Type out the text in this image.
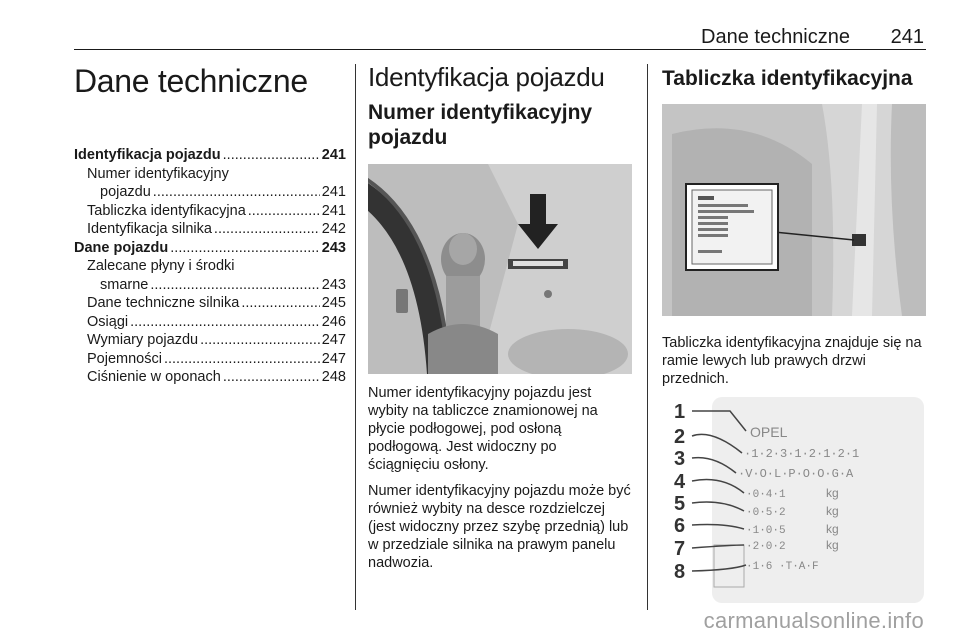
Dane techniczne 241
Dane techniczne
Identyfikacja pojazdu .....	241
Numer identyfikacyjny
pojazdu .....	241
Tabliczka identyfikacyjna .....	241
Identyfikacja silnika .....	242
Dane pojazdu .....	243
Zalecane płyny i środki
smarne .....	243
Dane techniczne silnika .....	245
Osiągi .....	246
Wymiary pojazdu .....	247
Pojemności .....	247
Ciśnienie w oponach .....	248
Identyfikacja pojazdu
Numer identyfikacyjny
pojazdu
Numer identyfikacyjny pojazdu jest wybity na tabliczce znamionowej na płycie podłogowej, pod osłoną podłogową. Jest widoczny po ściągnięciu osłony.
Numer identyfikacyjny pojazdu może być również wybity na desce rozdzielczej (jest widoczny przez szybę przednią) lub w przedziale silnika na prawym panelu nadwozia.
Tabliczka identyfikacyjna
Tabliczka identyfikacyjna znajduje się na ramie lewych lub prawych drzwi przednich.
OPEL
·1·2·3·1·2·1·2·1
·V·O·L·P·O·O·G·A
·0·4·1
·0·5·2
·1·0·5
·2·0·2
kg
kg
kg
kg
·1·6 ·T·A·F
1
2
3
4
5
6
7
8
carmanualsonline.info
